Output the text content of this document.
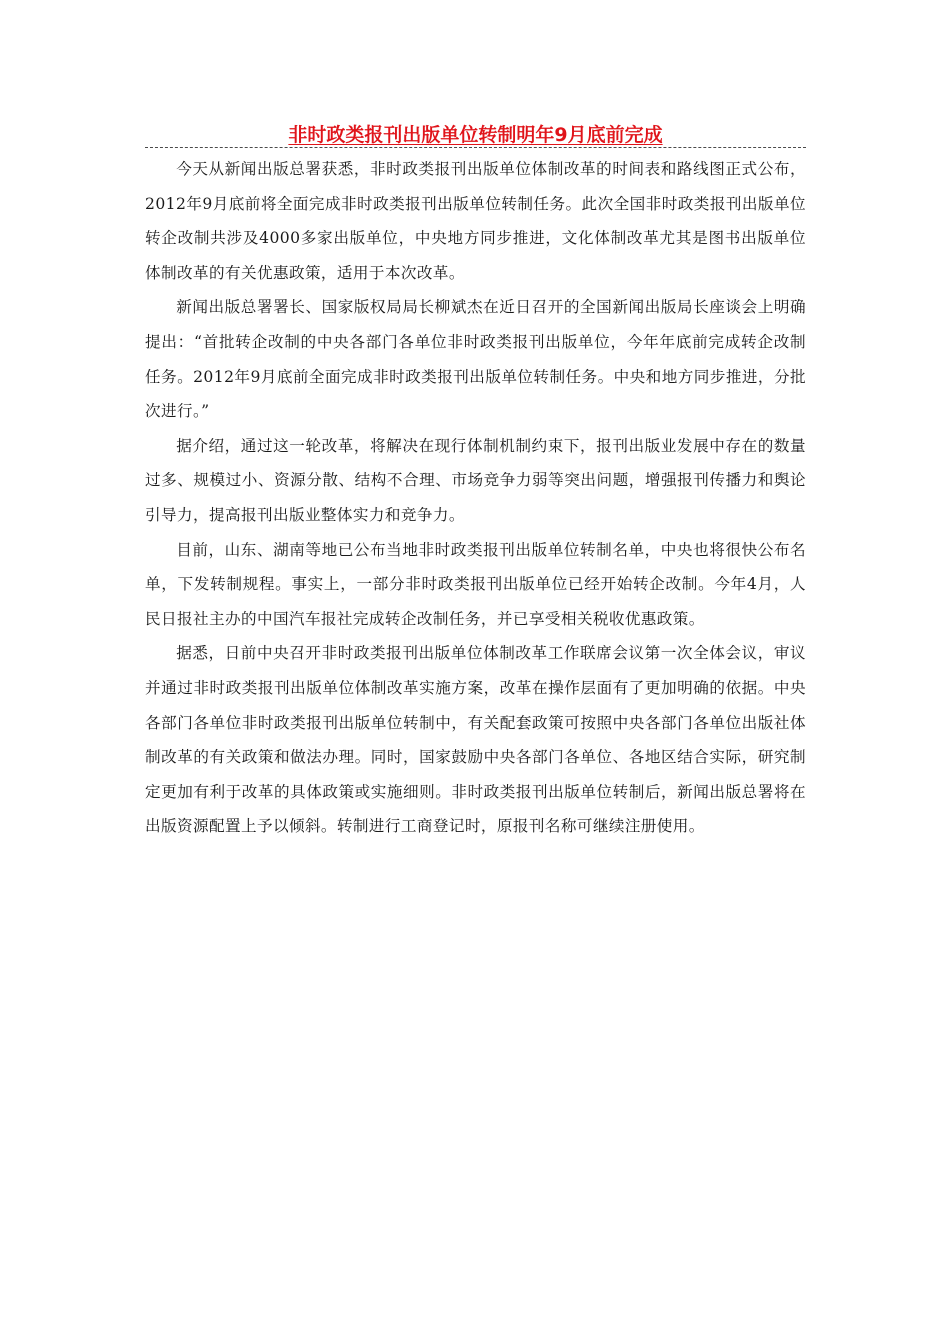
非时政类报刊出版单位转制明年9月底前完成

今天从新闻出版总署获悉，非时政类报刊出版单位体制改革的时间表和路线图正式公布，2012年9月底前将全面完成非时政类报刊出版单位转制任务。此次全国非时政类报刊出版单位转企改制共涉及4000多家出版单位，中央地方同步推进，文化体制改革尤其是图书出版单位体制改革的有关优惠政策，适用于本次改革。

新闻出版总署署长、国家版权局局长柳斌杰在近日召开的全国新闻出版局长座谈会上明确提出：“首批转企改制的中央各部门各单位非时政类报刊出版单位，今年年底前完成转企改制任务。2012年9月底前全面完成非时政类报刊出版单位转制任务。中央和地方同步推进，分批次进行。”

据介绍，通过这一轮改革，将解决在现行体制机制约束下，报刊出版业发展中存在的数量过多、规模过小、资源分散、结构不合理、市场竞争力弱等突出问题，增强报刊传播力和舆论引导力，提高报刊出版业整体实力和竞争力。

目前，山东、湖南等地已公布当地非时政类报刊出版单位转制名单，中央也将很快公布名单，下发转制规程。事实上，一部分非时政类报刊出版单位已经开始转企改制。今年4月，人民日报社主办的中国汽车报社完成转企改制任务，并已享受相关税收优惠政策。

据悉，日前中央召开非时政类报刊出版单位体制改革工作联席会议第一次全体会议，审议并通过非时政类报刊出版单位体制改革实施方案，改革在操作层面有了更加明确的依据。中央各部门各单位非时政类报刊出版单位转制中，有关配套政策可按照中央各部门各单位出版社体制改革的有关政策和做法办理。同时，国家鼓励中央各部门各单位、各地区结合实际，研究制定更加有利于改革的具体政策或实施细则。非时政类报刊出版单位转制后，新闻出版总署将在出版资源配置上予以倾斜。转制进行工商登记时，原报刊名称可继续注册使用。
